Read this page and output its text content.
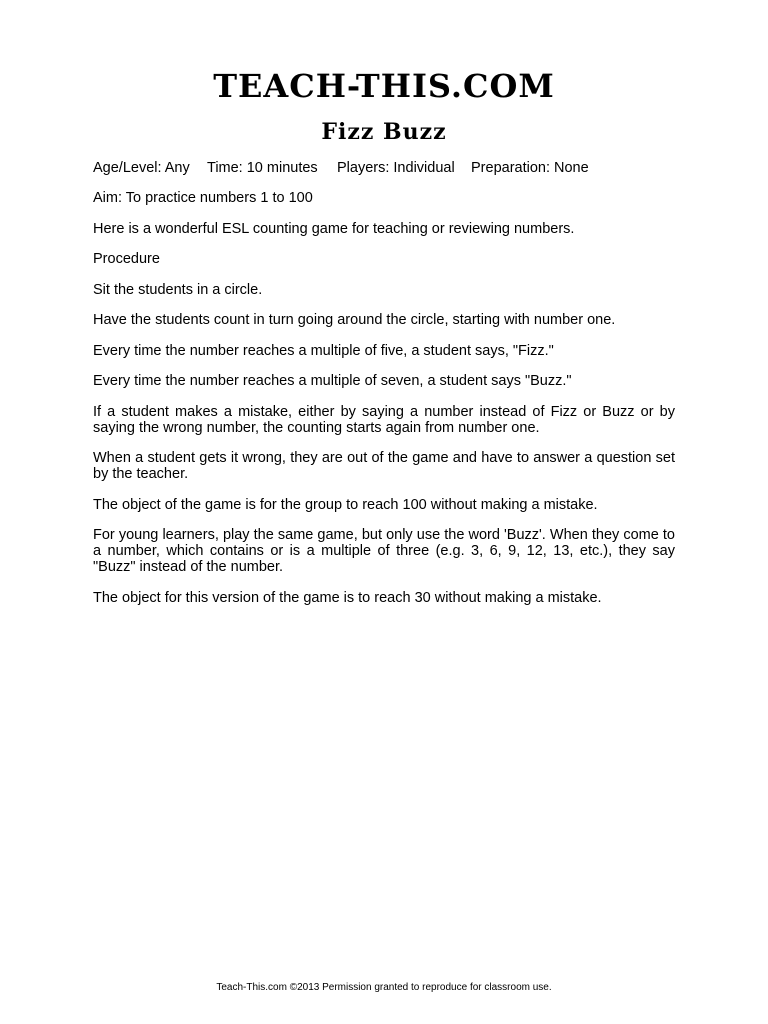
TEACH-THIS.COM
Fizz Buzz
Age/Level: Any	Time: 10 minutes	Players: Individual	Preparation: None

Aim: To practice numbers 1 to 100

Here is a wonderful ESL counting game for teaching or reviewing numbers.

Procedure

Sit the students in a circle.

Have the students count in turn going around the circle, starting with number one.

Every time the number reaches a multiple of five, a student says, "Fizz."

Every time the number reaches a multiple of seven, a student says "Buzz."

If a student makes a mistake, either by saying a number instead of Fizz or Buzz or by saying the wrong number, the counting starts again from number one.

When a student gets it wrong, they are out of the game and have to answer a question set by the teacher.

The object of the game is for the group to reach 100 without making a mistake.

For young learners, play the same game, but only use the word 'Buzz'. When they come to a number, which contains or is a multiple of three (e.g. 3, 6, 9, 12, 13, etc.), they say "Buzz" instead of the number.

The object for this version of the game is to reach 30 without making a mistake.

Teach-This.com ©2013 Permission granted to reproduce for classroom use.
